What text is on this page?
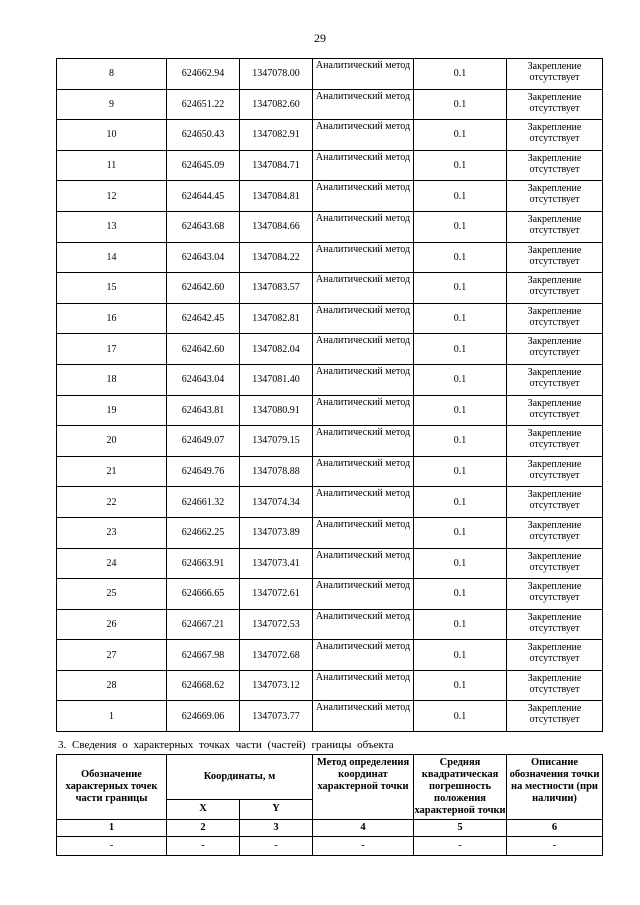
29
8	624662.94	1347078.00	Аналитический метод	0.1	Закрепление отсутствует
9	624651.22	1347082.60	Аналитический метод	0.1	Закрепление отсутствует
10	624650.43	1347082.91	Аналитический метод	0.1	Закрепление отсутствует
11	624645.09	1347084.71	Аналитический метод	0.1	Закрепление отсутствует
12	624644.45	1347084.81	Аналитический метод	0.1	Закрепление отсутствует
13	624643.68	1347084.66	Аналитический метод	0.1	Закрепление отсутствует
14	624643.04	1347084.22	Аналитический метод	0.1	Закрепление отсутствует
15	624642.60	1347083.57	Аналитический метод	0.1	Закрепление отсутствует
16	624642.45	1347082.81	Аналитический метод	0.1	Закрепление отсутствует
17	624642.60	1347082.04	Аналитический метод	0.1	Закрепление отсутствует
18	624643.04	1347081.40	Аналитический метод	0.1	Закрепление отсутствует
19	624643.81	1347080.91	Аналитический метод	0.1	Закрепление отсутствует
20	624649.07	1347079.15	Аналитический метод	0.1	Закрепление отсутствует
21	624649.76	1347078.88	Аналитический метод	0.1	Закрепление отсутствует
22	624661.32	1347074.34	Аналитический метод	0.1	Закрепление отсутствует
23	624662.25	1347073.89	Аналитический метод	0.1	Закрепление отсутствует
24	624663.91	1347073.41	Аналитический метод	0.1	Закрепление отсутствует
25	624666.65	1347072.61	Аналитический метод	0.1	Закрепление отсутствует
26	624667.21	1347072.53	Аналитический метод	0.1	Закрепление отсутствует
27	624667.98	1347072.68	Аналитический метод	0.1	Закрепление отсутствует
28	624668.62	1347073.12	Аналитический метод	0.1	Закрепление отсутствует
1	624669.06	1347073.77	Аналитический метод	0.1	Закрепление отсутствует
3. Сведения о характерных точках части (частей) границы объекта
Обозначение характерных точек части границы	Координаты, м		Метод определения координат характерной точки	Средняя квадратическая погрешность положения характерной точки	Описание обозначения точки на местности (при наличии)

	X	Y			
1	2	3	4	5	6
-	-	-	-	-	-
